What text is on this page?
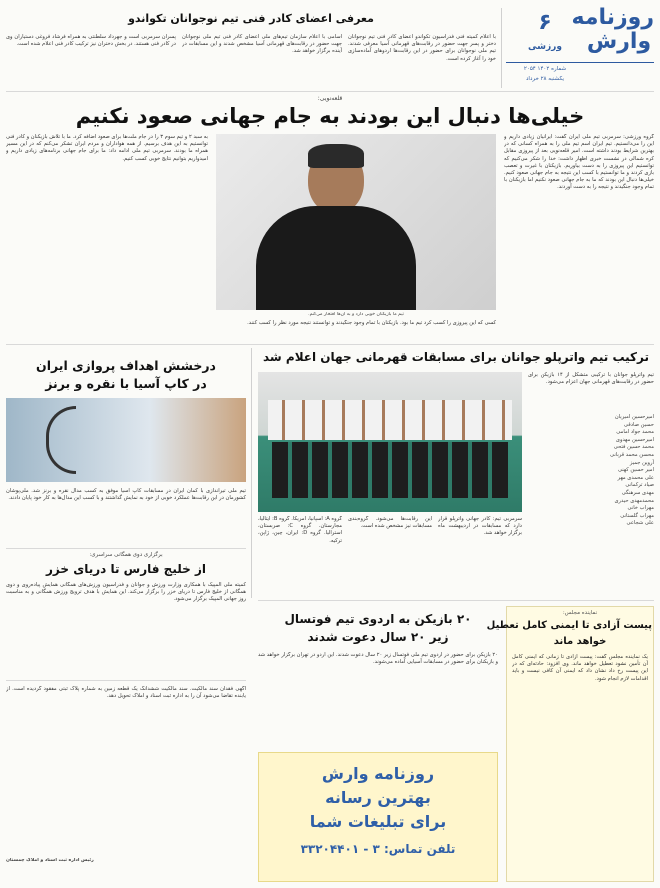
روزنامه وارش
۶
ورزشی
شماره ۱۴۰۲ ۲۰۵۴
یکشنبه ۲۸ خرداد
معرفی اعضای کادر فنی تیم نوجوانان تکواندو
با اعلام کمیته فنی فدراسیون تکواندو اعضای کادر فنی تیم نوجوانان دختر و پسر جهت حضور در رقابت‌های قهرمانی آسیا معرفی شدند. تیم ملی نوجوانان برای حضور در این رقابت‌ها اردوهای آماده‌سازی خود را آغاز کرده است.
اسامی با اعلام سازمان تیم‌های ملی اعضای کادر فنی تیم ملی نوجوانان جهت حضور در رقابت‌های قهرمانی آسیا مشخص شدند و این مسابقات در آینده برگزار خواهد شد.
پسران سرمربی است و جهرداد سلطنتی به همراه فرشاد فروغی دستیاران وی در کادر فنی هستند. در بخش دختران نیز ترکیب کادر فنی اعلام شده است.
قلعه‌نویی:
خیلی‌ها دنبال این بودند به جام جهانی صعود نکنیم
گروه ورزشی: سرمربی تیم ملی ایران گفت: ایرانیان زیادی داریم و این را می‌دانستیم. تیم ایران اسم تیم ملی را به همراه کسانی که در بهترین شرایط بودند داشته است. امیر قلعه‌نویی بعد از پیروزی مقابل کره شمالی در نشست خبری اظهار داشت: خدا را شکر می‌کنیم که توانستیم این پیروزی را به دست بیاوریم. بازیکنان با غیرت و تعصب بازی کردند و ما توانستیم با کسب این نتیجه به جام جهانی صعود کنیم. خیلی‌ها دنبال این بودند که ما به جام جهانی صعود نکنیم اما بازیکنان با تمام وجود جنگیدند و نتیجه را به دست آوردند.
تیم ما بازیکنان خوبی دارد و به آن‌ها افتخار می‌کنم.
کسی که این پیروزی را کسب کرد تیم ما بود. بازیکنان با تمام وجود جنگیدند و توانستند نتیجه مورد نظر را کسب کنند.
به سبد ۲ و تیم سوم ۳ را در جام ملت‌ها برای صعود اضافه کرد. ما با تلاش بازیکنان و کادر فنی توانستیم به این هدف برسیم. از همه هواداران و مردم ایران تشکر می‌کنم که در این مسیر همراه ما بودند. سرمربی تیم ملی ادامه داد: ما برای جام جهانی برنامه‌های زیادی داریم و امیدواریم بتوانیم نتایج خوبی کسب کنیم.
ترکیب تیم واترپلو جوانان برای مسابقات قهرمانی جهان اعلام شد
تیم واترپلو جوانان با ترکیبی متشکل از ۱۴ بازیکن برای حضور در رقابت‌های قهرمانی جهان اعزام می‌شود.
امیرحسین امیریان
حسین صادقی
محمد جواد امامی
امیرحسین مهدوی
محمد حسین فتحی
محسن محمد قربانی
آروین جمیز
امیر حسین کهنی
علی محمدی مهر
صیاد ترکمانی
مهدی سرهنگی
محمدمهدی حیدری
مهراب خانی
مهراب گلستانی
علی شجاعی
سرمربی تیم: کادر جهانی واترپلو قرار دارد که مسابقات در اردیبهشت ماه برگزار خواهد شد.
این رقابت‌ها می‌شود. گروه‌بندی مسابقات نیز مشخص شده است.
گروه A: اسپانیا، آمریکا. گروه B: ایتالیا، مجارستان. گروه C: صربستان، استرالیا. گروه D: ایران، چین، ژاپن، ترکیه.
درخشش اهداف پروازی ایران
در کاپ آسیا با نقره و برنز
تیم ملی تیراندازی با کمان ایران در مسابقات کاپ آسیا موفق به کسب مدال نقره و برنز شد. ملی‌پوشان کشورمان در این رقابت‌ها عملکرد خوبی از خود به نمایش گذاشتند و با کسب این مدال‌ها به کار خود پایان دادند.
برگزاری دوی همگانی سراسری:
از خلیج فارس تا دریای خزر
کمیته ملی المپیک با همکاری وزارت ورزش و جوانان و فدراسیون ورزش‌های همگانی همایش پیاده‌روی و دوی همگانی از خلیج فارس تا دریای خزر را برگزار می‌کند. این همایش با هدف ترویج ورزش همگانی و به مناسبت روز جهانی المپیک برگزار می‌شود.
نماینده مجلس:
پیست آزادی تا ایمنی کامل تعطیل
خواهد ماند
یک نماینده مجلس گفت: پیست آزادی تا زمانی که ایمنی کامل آن تأمین نشود تعطیل خواهد ماند. وی افزود: حادثه‌ای که در این پیست رخ داد نشان داد که ایمنی آن کافی نیست و باید اقدامات لازم انجام شود.
۲۰ بازیکن به اردوی تیم فوتسال
زیر ۲۰ سال دعوت شدند
۲۰ بازیکن برای حضور در اردوی تیم ملی فوتسال زیر ۲۰ سال دعوت شدند. این اردو در تهران برگزار خواهد شد و بازیکنان برای حضور در مسابقات آسیایی آماده می‌شوند.
روزنامه وارش
بهترین رسانه
برای تبلیغات شما
تلفن تماس: ۳ - ۳۳۲۰۴۴۰۱
آگهی فقدان سند مالکیت. سند مالکیت ششدانگ یک قطعه زمین به شماره پلاک ثبتی مفقود گردیده است. از یابنده تقاضا می‌شود آن را به اداره ثبت اسناد و املاک تحویل دهد.
رئیس اداره ثبت اسناد و املاک چمستان
